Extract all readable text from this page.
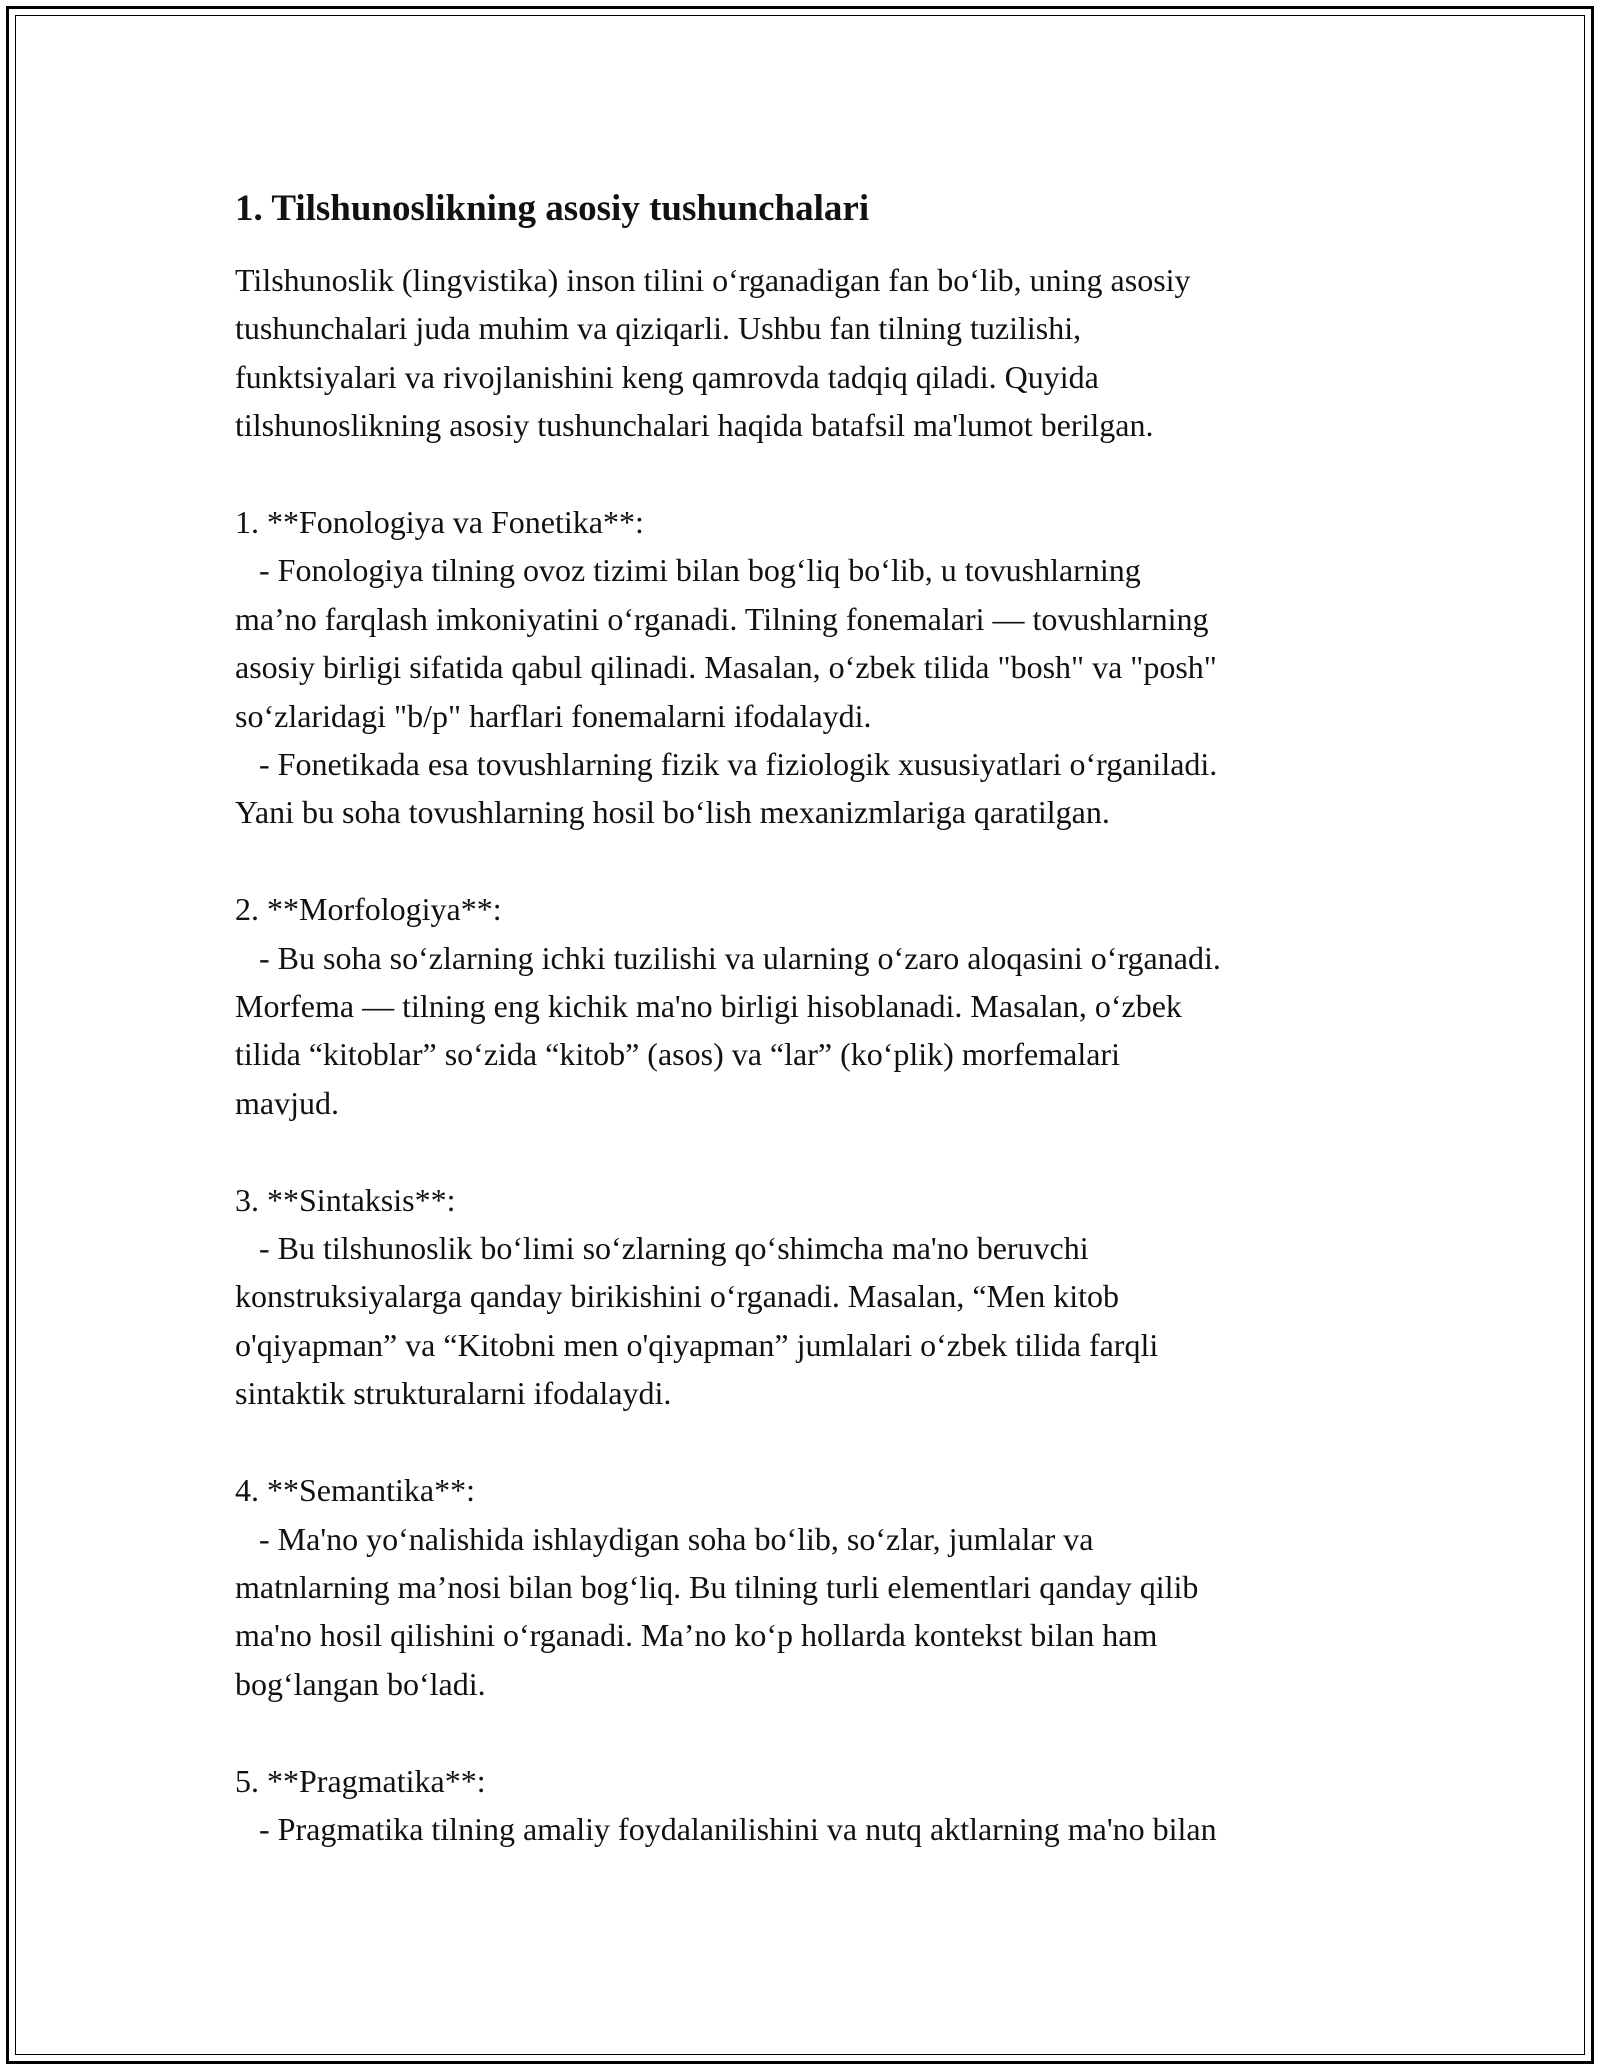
1. Tilshunoslikning asosiy tushunchalari

Tilshunoslik (lingvistika) inson tilini o‘rganadigan fan bo‘lib, uning asosiy
tushunchalari juda muhim va qiziqarli. Ushbu fan tilning tuzilishi,
funktsiyalari va rivojlanishini keng qamrovda tadqiq qiladi. Quyida
tilshunoslikning asosiy tushunchalari haqida batafsil ma'lumot berilgan.

1. **Fonologiya va Fonetika**:

- Fonologiya tilning ovoz tizimi bilan bog‘liq bo‘lib, u tovushlarning
ma’no farqlash imkoniyatini o‘rganadi. Tilning fonemalari — tovushlarning
asosiy birligi sifatida qabul qilinadi. Masalan, o‘zbek tilida "bosh" va "posh"
so‘zlaridagi "b/p" harflari fonemalarni ifodalaydi.
- Fonetikada esa tovushlarning fizik va fiziologik xususiyatlari o‘rganiladi.
Yani bu soha tovushlarning hosil bo‘lish mexanizmlariga qaratilgan.

2. **Morfologiya**:

- Bu soha so‘zlarning ichki tuzilishi va ularning o‘zaro aloqasini o‘rganadi.
Morfema — tilning eng kichik ma'no birligi hisoblanadi. Masalan, o‘zbek
tilida “kitoblar” so‘zida “kitob” (asos) va “lar” (ko‘plik) morfemalari
mavjud.

3. **Sintaksis**:

- Bu tilshunoslik bo‘limi so‘zlarning qo‘shimcha ma'no beruvchi
konstruksiyalarga qanday birikishini o‘rganadi. Masalan, “Men kitob
o'qiyapman” va “Kitobni men o'qiyapman” jumlalari o‘zbek tilida farqli
sintaktik strukturalarni ifodalaydi.

4. **Semantika**:

- Ma'no yo‘nalishida ishlaydigan soha bo‘lib, so‘zlar, jumlalar va
matnlarning ma’nosi bilan bog‘liq. Bu tilning turli elementlari qanday qilib
ma'no hosil qilishini o‘rganadi. Ma’no ko‘p hollarda kontekst bilan ham
bog‘langan bo‘ladi.

5. **Pragmatika**:

- Pragmatika tilning amaliy foydalanilishini va nutq aktlarning ma'no bilan
